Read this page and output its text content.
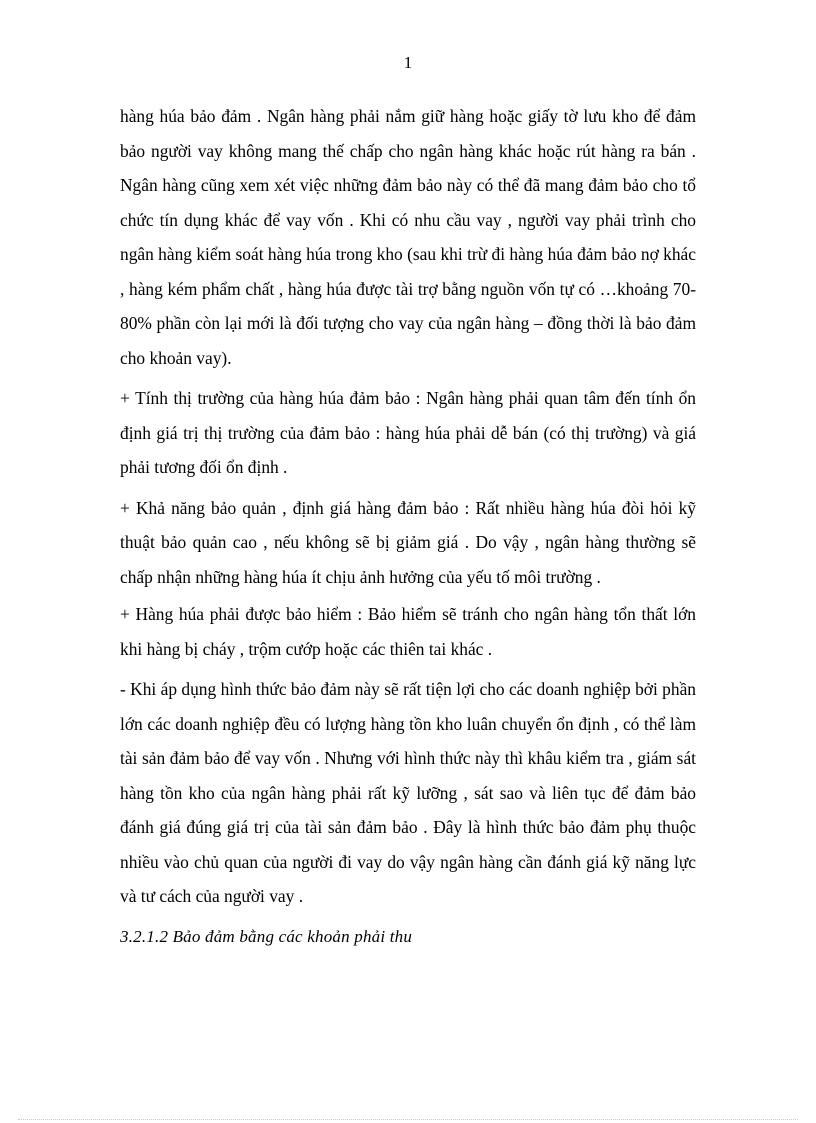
1

hàng húa bảo đảm . Ngân hàng phải nắm giữ hàng hoặc giấy tờ lưu kho để đảm bảo người vay không mang thế chấp cho ngân hàng khác hoặc rút hàng ra bán . Ngân hàng cũng xem xét việc những đảm bảo này có thể đã mang đảm bảo cho tổ chức tín dụng khác để vay vốn . Khi có nhu cầu vay , người vay phải trình cho ngân hàng kiểm soát hàng húa trong kho (sau khi trừ đi hàng húa đảm bảo nợ khác , hàng kém phẩm chất , hàng húa được tài trợ bằng nguồn vốn tự có …khoảng 70-80% phần còn lại mới là đối tượng cho vay của ngân hàng – đồng thời là bảo đảm cho khoản vay).

+ Tính thị trường của hàng húa đảm bảo : Ngân hàng phải quan tâm đến tính ổn định giá trị thị trường của đảm bảo : hàng húa phải dễ bán (có thị trường) và giá phải tương đối ổn định .

+ Khả năng bảo quản , định giá hàng đảm bảo : Rất nhiều hàng húa đòi hỏi kỹ thuật bảo quản cao , nếu không sẽ bị giảm giá . Do vậy , ngân hàng thường sẽ chấp nhận những hàng húa ít chịu ảnh hưởng của yếu tố môi trường .

+ Hàng húa phải được bảo hiểm : Bảo hiểm sẽ tránh cho ngân hàng tổn thất lớn khi hàng bị cháy , trộm cướp hoặc các thiên tai khác .

- Khi áp dụng hình thức bảo đảm này sẽ rất tiện lợi cho các doanh nghiệp bởi phần lớn các doanh nghiệp đều có lượng hàng tồn kho luân chuyển ổn định , có thể làm tài sản đảm bảo để vay vốn . Nhưng với hình thức này thì khâu kiểm tra , giám sát hàng tồn kho của ngân hàng phải rất kỹ lưỡng , sát sao và liên tục để đảm bảo đánh giá đúng giá trị của tài sản đảm bảo . Đây là hình thức bảo đảm phụ thuộc nhiều vào chủ quan của người đi vay do vậy ngân hàng cần đánh giá kỹ năng lực và tư cách của người vay .

3.2.1.2 Bảo đảm bằng các khoản phải thu
